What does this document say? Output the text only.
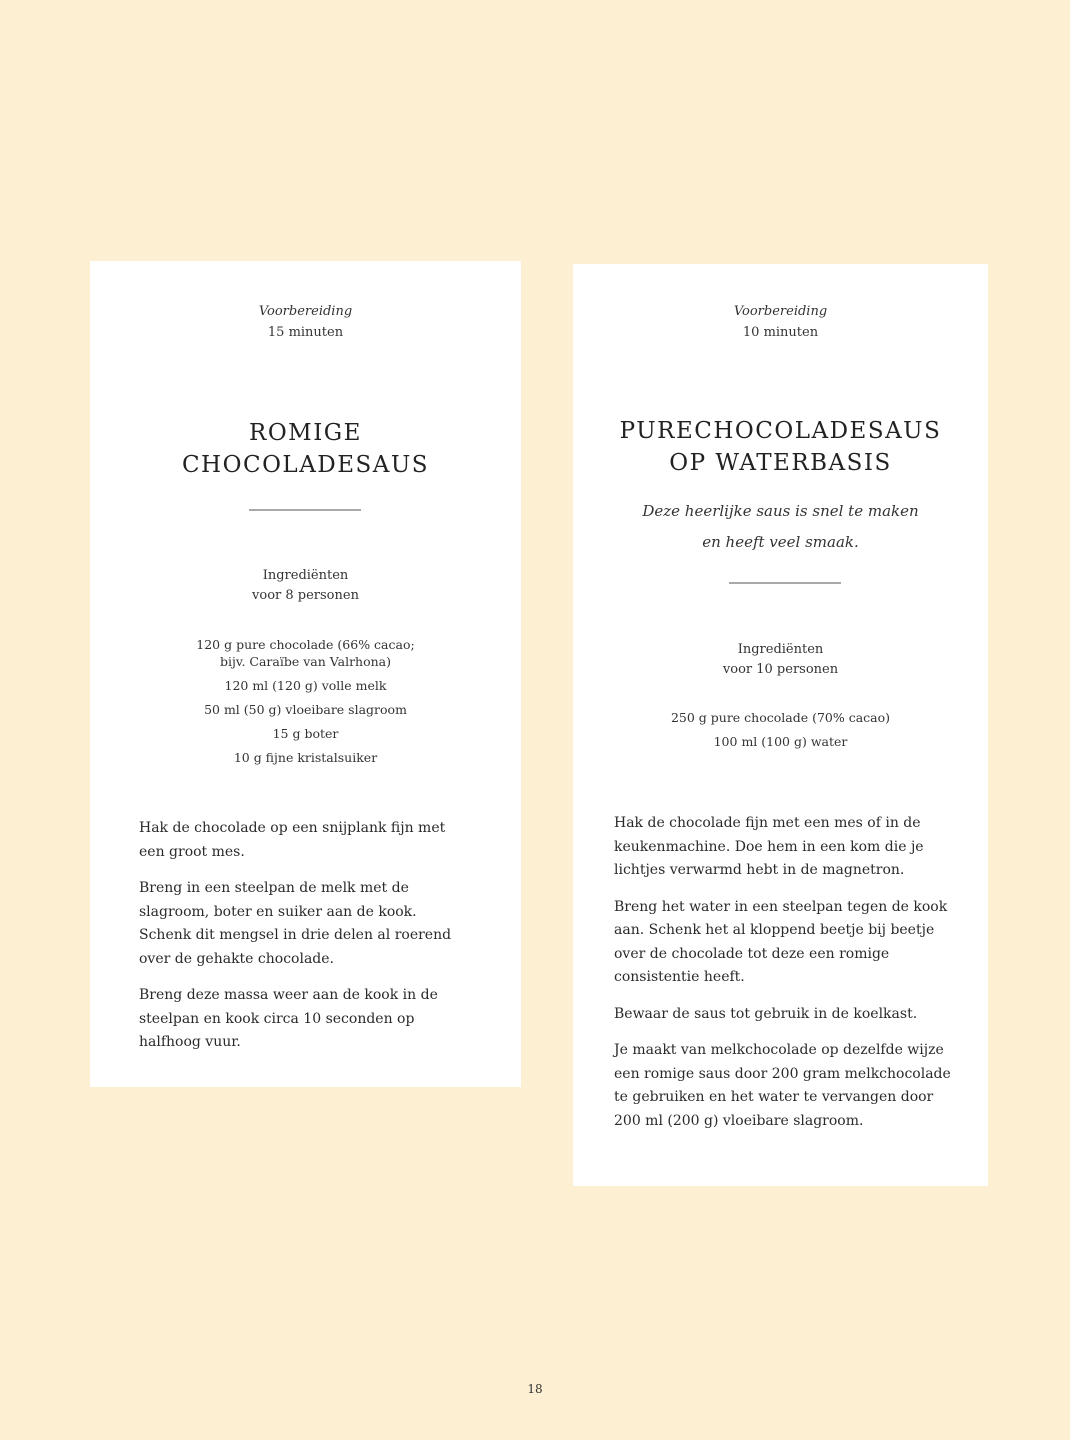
Voorbereiding
15 minuten
ROMIGE
CHOCOLADESAUS
Ingrediënten
voor 8 personen
120 g pure chocolade (66% cacao;
bijv. Caraïbe van Valrhona)
120 ml (120 g) volle melk
50 ml (50 g) vloeibare slagroom
15 g boter
10 g fijne kristalsuiker

Hak de chocolade op een snijplank fijn met een groot mes.

Breng in een steelpan de melk met de slagroom, boter en suiker aan de kook. Schenk dit mengsel in drie delen al roerend over de gehakte chocolade.

Breng deze massa weer aan de kook in de steelpan en kook circa 10 seconden op halfhoog vuur.

Voorbereiding
10 minuten
PURECHOCOLADESAUS
OP WATERBASIS
Deze heerlijke saus is snel te maken
en heeft veel smaak.
Ingrediënten
voor 10 personen
250 g pure chocolade (70% cacao)
100 ml (100 g) water

Hak de chocolade fijn met een mes of in de keukenmachine. Doe hem in een kom die je lichtjes verwarmd hebt in de magnetron.

Breng het water in een steelpan tegen de kook aan. Schenk het al kloppend beetje bij beetje over de chocolade tot deze een romige consistentie heeft.

Bewaar de saus tot gebruik in de koelkast.

Je maakt van melkchocolade op dezelfde wijze een romige saus door 200 gram melkchocolade te gebruiken en het water te vervangen door 200 ml (200 g) vloeibare slagroom.

18
